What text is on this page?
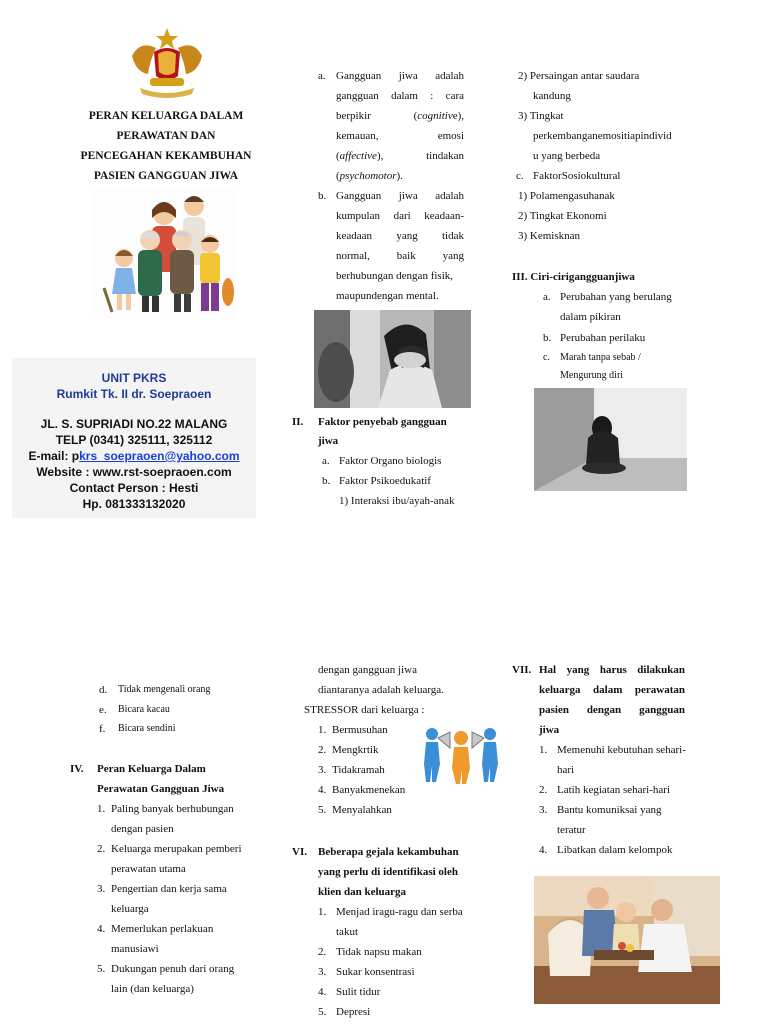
PERAN KELUARGA DALAM
PERAWATAN DAN
PENCEGAHAN KEKAMBUHAN
PASIEN GANGGUAN JIWA
UNIT PKRS
Rumkit Tk. II dr. Soepraoen
JL. S. SUPRIADI NO.22 MALANG
TELP (0341) 325111, 325112
E-mail: pkrs_soepraoen@yahoo.com
Website : www.rst-soepraoen.com
Contact Person : Hesti
Hp. 081333132020
a. Gangguan jiwa adalah
gangguan dalam : cara
berpikir	(cognitive),
kemauan,	emosi
(affective),	tindakan
(psychomotor).
b. Gangguan jiwa adalah
kumpulan dari keadaan-
keadaan yang tidak
normal, baik yang
berhubungan dengan fisik,
maupundengan mental.
II. Faktor penyebab gangguan
jiwa
a. Faktor Organo biologis
b. Faktor Psikoedukatif
1) Interaksi ibu/ayah-anak
2) Persaingan antar saudara
kandung
3) Tingkat
perkembanganemositiapindivid
u yang berbeda
c. FaktorSosiokultural
1) Polamengasuhanak
2) Tingkat Ekonomi
3) Kemisknan
III. Ciri-cirigangguanjiwa
a. Perubahan yang berulang
dalam pikiran
b. Perubahan perilaku
c. Marah tanpa sebab /
Mengurung diri
d. Tidak mengenali orang
e. Bicara kacau
f. Bicara sendini
IV. Peran Keluarga Dalam
Perawatan Gangguan Jiwa
1. Paling banyak berhubungan
dengan pasien
2. Keluarga merupakan pemberi
perawatan utama
3. Pengertian dan kerja sama
keluarga
4. Memerlukan perlakuan
manusiawi
5. Dukungan penuh dari orang
lain (dan keluarga)
dengan gangguan jiwa
diantaranya adalah keluarga.
STRESSOR dari keluarga :
1. Bermusuhan
2. Mengkrtik
3. Tidakramah
4. Banyakmenekan
5. Menyalahkan
VI. Beberapa gejala kekambuhan
yang perlu di identifikasi oleh
klien dan keluarga
1. Menjad iragu-ragu dan serba
takut
2. Tidak napsu makan
3. Sukar konsentrasi
4. Sulit tidur
5. Depresi
VII. Hal yang harus dilakukan
keluarga dalam perawatan
pasien dengan gangguan
jiwa
1. Memenuhi kebutuhan sehari-
hari
2. Latih kegiatan sehari-hari
3. Bantu komuniksai yang
teratur
4. Libatkan dalam kelompok
